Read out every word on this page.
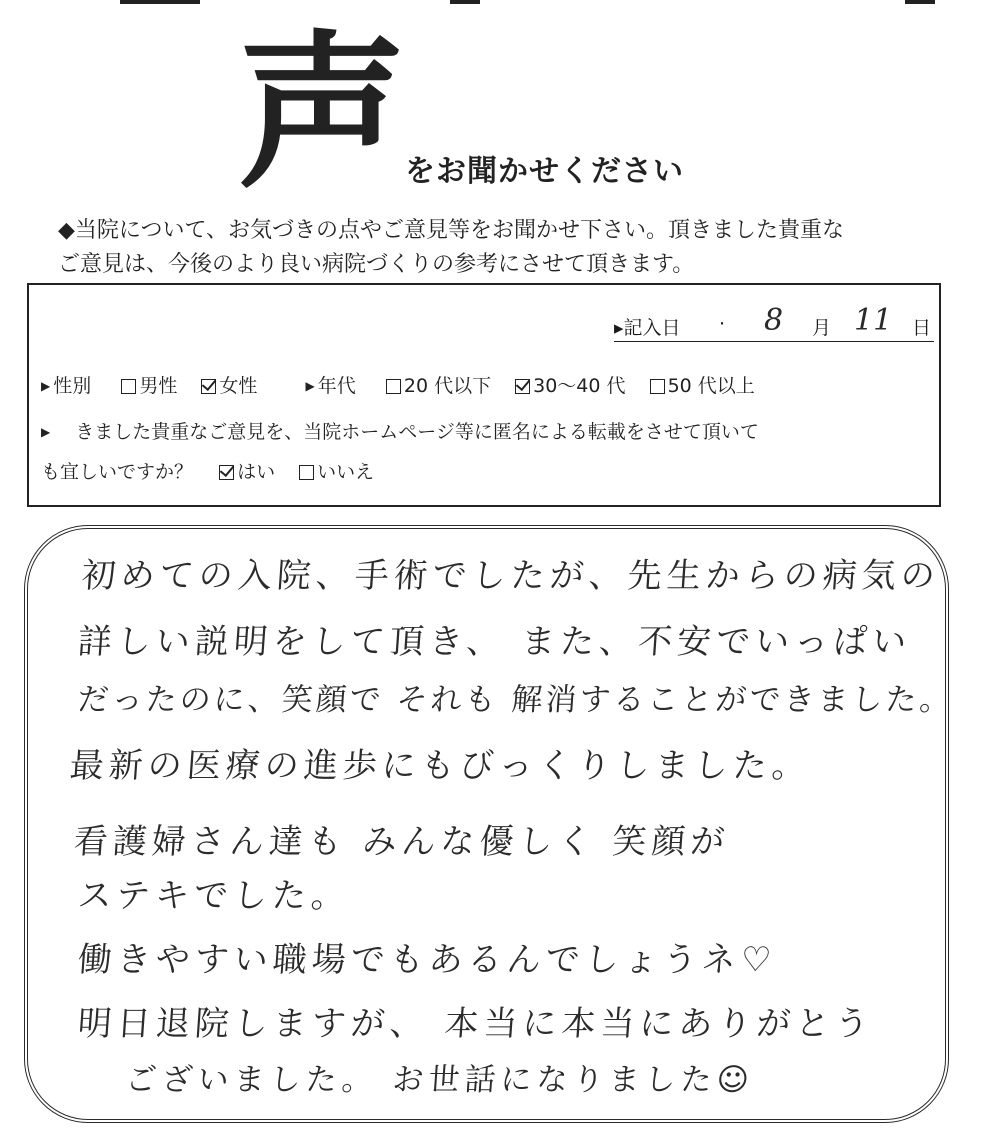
声 をお聞かせください
◆当院について、お気づきの点やご意見等をお聞かせ下さい。頂きました貴重な
ご意見は、今後のより良い病院づくりの参考にさせて頂きます。
▸記入日 · 8 月 11 日
▶ 性別	男性 女性	▶ 年代	20 代以下 30～40 代 50 代以上
▶ きました貴重なご意見を、当院ホームページ等に匿名による転載をさせて頂いて
も宜しいですか？ はい いいえ
初めての入院、手術でしたが、先生からの病気の
詳しい説明をして頂き、 また、不安でいっぱい
だったのに、笑顔で それも 解消することができました。
最新の医療の進歩にもびっくりしました。
看護婦さん達も みんな優しく 笑顔が
ステキでした。
働きやすい職場でもあるんでしょうネ♡
明日退院しますが、 本当に本当にありがとう
ございました。 お世話になりました☺
